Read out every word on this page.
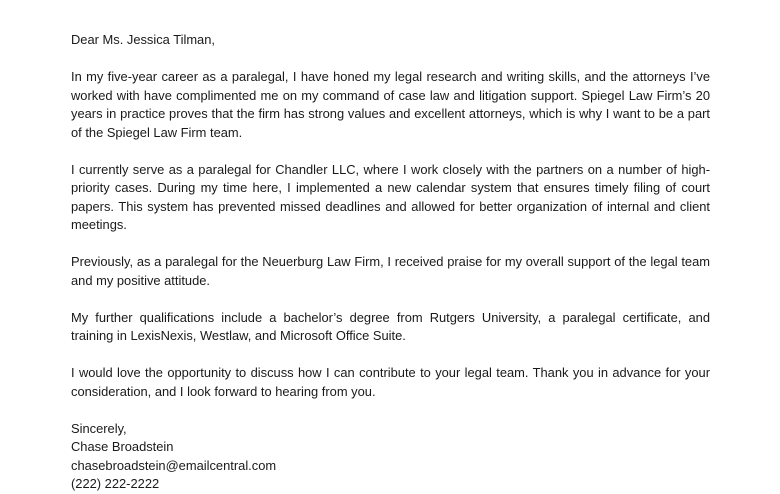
Dear Ms. Jessica Tilman,

In my five-year career as a paralegal, I have honed my legal research and writing skills, and the attorneys I’ve worked with have complimented me on my command of case law and litigation support. Spiegel Law Firm’s 20 years in practice proves that the firm has strong values and excellent attorneys, which is why I want to be a part of the Spiegel Law Firm team.

I currently serve as a paralegal for Chandler LLC, where I work closely with the partners on a number of high-priority cases. During my time here, I implemented a new calendar system that ensures timely filing of court papers. This system has prevented missed deadlines and allowed for better organization of internal and client meetings.

Previously, as a paralegal for the Neuerburg Law Firm, I received praise for my overall support of the legal team and my positive attitude.

My further qualifications include a bachelor’s degree from Rutgers University, a paralegal certificate, and training in LexisNexis, Westlaw, and Microsoft Office Suite.

I would love the opportunity to discuss how I can contribute to your legal team. Thank you in advance for your consideration, and I look forward to hearing from you.

Sincerely,
Chase Broadstein
chasebroadstein@emailcentral.com
(222) 222-2222
